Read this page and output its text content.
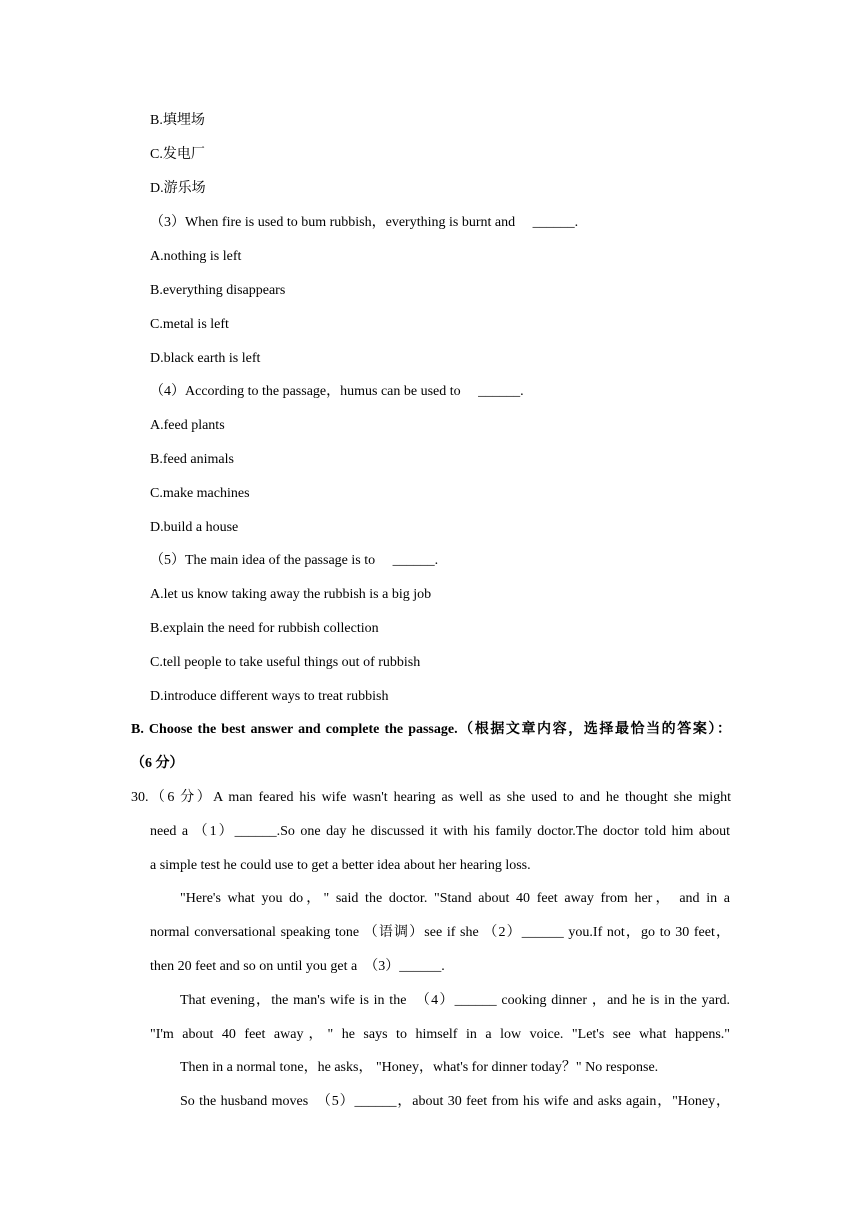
B.填埋场
C.发电厂
D.游乐场
（3）When fire is used to bum rubbish，everything is burnt and　 ______.
A.nothing is left
B.everything disappears
C.metal is left
D.black earth is left
（4）According to the passage，humus can be used to　 ______.
A.feed plants
B.feed animals
C.make machines
D.build a house
（5）The main idea of the passage is to　 ______.
A.let us know taking away the rubbish is a big job
B.explain the need for rubbish collection
C.tell people to take useful things out of rubbish
D.introduce different ways to treat rubbish
B. Choose the best answer and complete the passage.（根据文章内容，选择最恰当的答案）：
（6 分）
30.（6 分）A man feared his wife wasn't hearing as well as she used to and he thought she might
need a （1）______.So one day he discussed it with his family doctor.The doctor told him about
a simple test he could use to get a better idea about her hearing loss.
"Here's what you do，" said the doctor. "Stand about 40 feet away from her， and in a
normal conversational speaking tone （语调）see if she （2）______ you.If not，go to 30 feet，
then 20 feet and so on until you get a　（3）______.
That evening，the man's wife is in the　（4）______ cooking dinner ，and he is in the yard.
"I'm about 40 feet away，" he says to himself in a low voice. "Let's see what happens."
Then in a normal tone，he asks， "Honey，what's for dinner today？" No response.
So the husband moves　（5）______，about 30 feet from his wife and asks again，"Honey，
